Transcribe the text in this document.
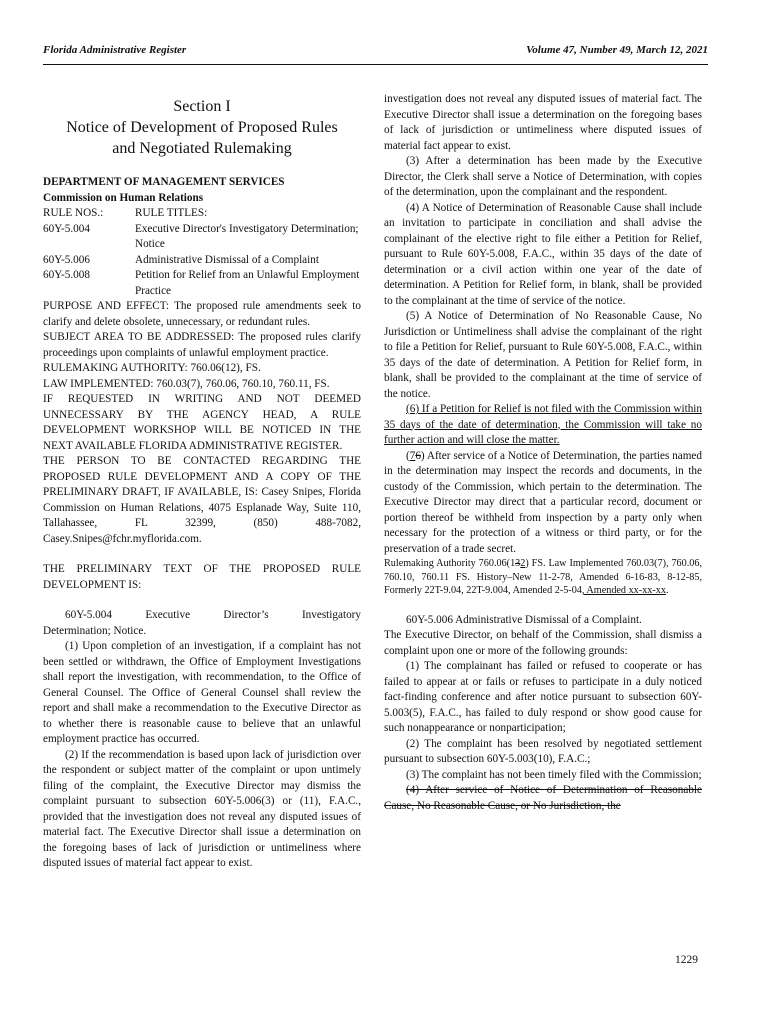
Florida Administrative Register	Volume 47, Number 49, March 12, 2021
Section I
Notice of Development of Proposed Rules
and Negotiated Rulemaking
DEPARTMENT OF MANAGEMENT SERVICES
Commission on Human Relations
RULE NOS.:	RULE TITLES:
60Y-5.004	Executive Director's Investigatory Determination; Notice
60Y-5.006	Administrative Dismissal of a Complaint
60Y-5.008	Petition for Relief from an Unlawful Employment Practice
PURPOSE AND EFFECT: The proposed rule amendments seek to clarify and delete obsolete, unnecessary, or redundant rules.
SUBJECT AREA TO BE ADDRESSED: The proposed rules clarify proceedings upon complaints of unlawful employment practice.
RULEMAKING AUTHORITY: 760.06(12), FS.
LAW IMPLEMENTED: 760.03(7), 760.06, 760.10, 760.11, FS.
IF REQUESTED IN WRITING AND NOT DEEMED UNNECESSARY BY THE AGENCY HEAD, A RULE DEVELOPMENT WORKSHOP WILL BE NOTICED IN THE NEXT AVAILABLE FLORIDA ADMINISTRATIVE REGISTER.
THE PERSON TO BE CONTACTED REGARDING THE PROPOSED RULE DEVELOPMENT AND A COPY OF THE PRELIMINARY DRAFT, IF AVAILABLE, IS: Casey Snipes, Florida Commission on Human Relations, 4075 Esplanade Way, Suite 110, Tallahassee, FL 32399, (850) 488-7082, Casey.Snipes@fchr.myflorida.com.
THE PRELIMINARY TEXT OF THE PROPOSED RULE DEVELOPMENT IS:
60Y-5.004	Executive	Director’s	Investigatory
Determination; Notice.
(1) Upon completion of an investigation, if a complaint has not been settled or withdrawn, the Office of Employment Investigations shall report the investigation, with recommendation, to the Office of General Counsel. The Office of General Counsel shall review the report and shall make a recommendation to the Executive Director as to whether there is reasonable cause to believe that an unlawful employment practice has occurred.
(2) If the recommendation is based upon lack of jurisdiction over the respondent or subject matter of the complaint or upon untimely filing of the complaint, the Executive Director may dismiss the complaint pursuant to subsection 60Y-5.006(3) or (11), F.A.C., provided that the investigation does not reveal any disputed issues of material fact. The Executive Director shall issue a determination on the foregoing bases of lack of jurisdiction or untimeliness where disputed issues of material fact appear to exist.
investigation does not reveal any disputed issues of material fact. The Executive Director shall issue a determination on the foregoing bases of lack of jurisdiction or untimeliness where disputed issues of material fact appear to exist.
(3) After a determination has been made by the Executive Director, the Clerk shall serve a Notice of Determination, with copies of the determination, upon the complainant and the respondent.
(4) A Notice of Determination of Reasonable Cause shall include an invitation to participate in conciliation and shall advise the complainant of the elective right to file either a Petition for Relief, pursuant to Rule 60Y-5.008, F.A.C., within 35 days of the date of determination or a civil action within one year of the date of determination. A Petition for Relief form, in blank, shall be provided to the complainant at the time of service of the notice.
(5) A Notice of Determination of No Reasonable Cause, No Jurisdiction or Untimeliness shall advise the complainant of the right to file a Petition for Relief, pursuant to Rule 60Y-5.008, F.A.C., within 35 days of the date of determination. A Petition for Relief form, in blank, shall be provided to the complainant at the time of service of the notice.
(6) If a Petition for Relief is not filed with the Commission within 35 days of the date of determination, the Commission will take no further action and will close the matter.
(76) After service of a Notice of Determination, the parties named in the determination may inspect the records and documents, in the custody of the Commission, which pertain to the determination. The Executive Director may direct that a particular record, document or portion thereof be withheld from inspection by a party only when necessary for the protection of a witness or third party, or for the preservation of a trade secret.
Rulemaking Authority 760.06(132) FS. Law Implemented 760.03(7), 760.06, 760.10, 760.11 FS. History–New 11-2-78, Amended 6-16-83, 8-12-85, Formerly 22T-9.04, 22T-9.004, Amended 2-5-04, Amended xx-xx-xx.
60Y-5.006 Administrative Dismissal of a Complaint.
The Executive Director, on behalf of the Commission, shall dismiss a complaint upon one or more of the following grounds:
(1) The complainant has failed or refused to cooperate or has failed to appear at or fails or refuses to participate in a duly noticed fact-finding conference and after notice pursuant to subsection 60Y-5.003(5), F.A.C., has failed to duly respond or show good cause for such nonappearance or nonparticipation;
(2) The complaint has been resolved by negotiated settlement pursuant to subsection 60Y-5.003(10), F.A.C.;
(3) The complaint has not been timely filed with the Commission;
(4) After service of Notice of Determination of Reasonable Cause, No Reasonable Cause, or No Jurisdiction, the
1229
